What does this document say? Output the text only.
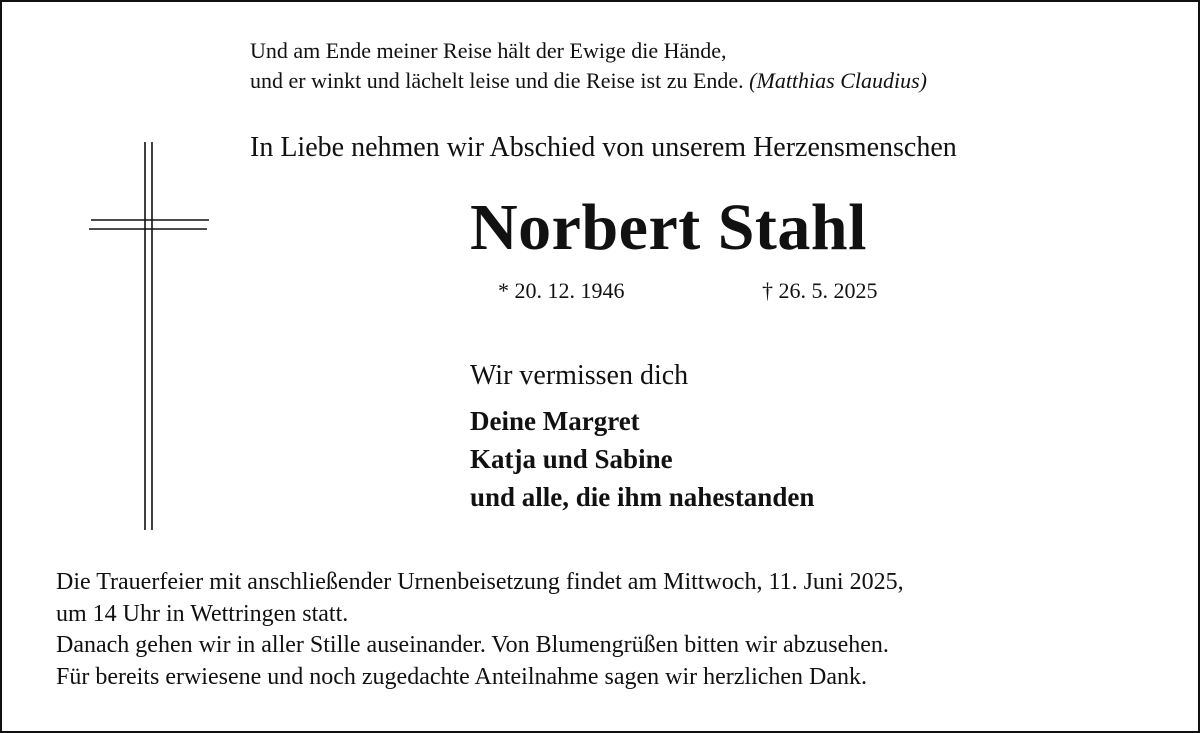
Und am Ende meiner Reise hält der Ewige die Hände,
und er winkt und lächelt leise und die Reise ist zu Ende. (Matthias Claudius)
In Liebe nehmen wir Abschied von unserem Herzensmenschen
Norbert Stahl
* 20. 12. 1946	† 26. 5. 2025
Wir vermissen dich
Deine Margret
Katja und Sabine
und alle, die ihm nahestanden
Die Trauerfeier mit anschließender Urnenbeisetzung findet am Mittwoch, 11. Juni 2025,
um 14 Uhr in Wettringen statt.
Danach gehen wir in aller Stille auseinander. Von Blumengrüßen bitten wir abzusehen.
Für bereits erwiesene und noch zugedachte Anteilnahme sagen wir herzlichen Dank.
